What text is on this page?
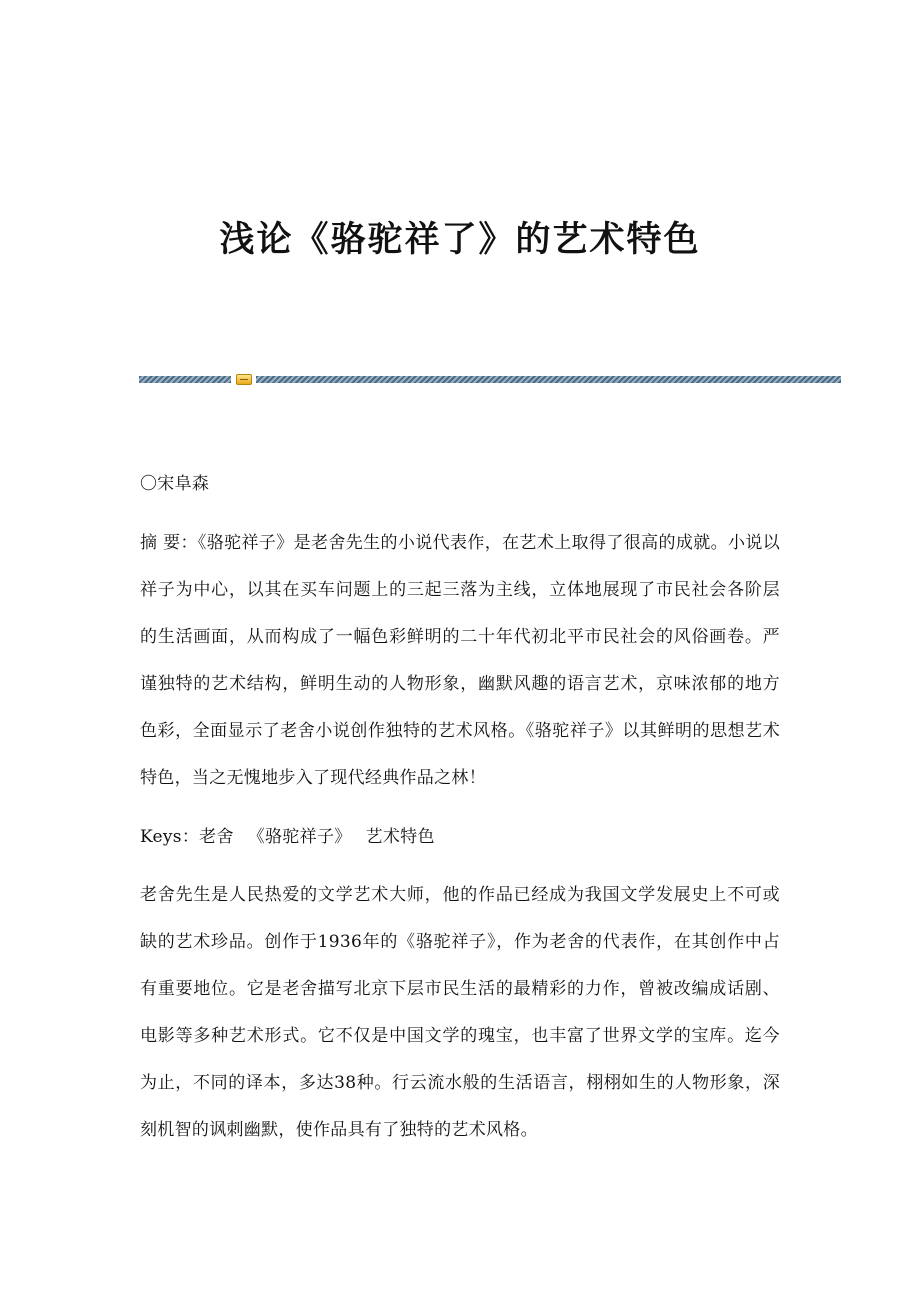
浅论《骆驼祥了》的艺术特色

〇宋阜森

摘 要：《骆驼祥子》是老舍先生的小说代表作，在艺术上取得了很高的成就。小说以祥子为中心，以其在买车问题上的三起三落为主线，立体地展现了市民社会各阶层的生活画面，从而构成了一幅色彩鲜明的二十年代初北平市民社会的风俗画卷。严谨独特的艺术结构，鲜明生动的人物形象，幽默风趣的语言艺术，京味浓郁的地方色彩，全面显示了老舍小说创作独特的艺术风格。《骆驼祥子》以其鲜明的思想艺术特色，当之无愧地步入了现代经典作品之林！

Keys：老舍 《骆驼祥子》 艺术特色

老舍先生是人民热爱的文学艺术大师，他的作品已经成为我国文学发展史上不可或缺的艺术珍品。创作于1936年的《骆驼祥子》，作为老舍的代表作，在其创作中占有重要地位。它是老舍描写北京下层市民生活的最精彩的力作，曾被改编成话剧、电影等多种艺术形式。它不仅是中国文学的瑰宝，也丰富了世界文学的宝库。迄今为止，不同的译本，多达38种。行云流水般的生活语言，栩栩如生的人物形象，深刻机智的讽刺幽默，使作品具有了独特的艺术风格。
